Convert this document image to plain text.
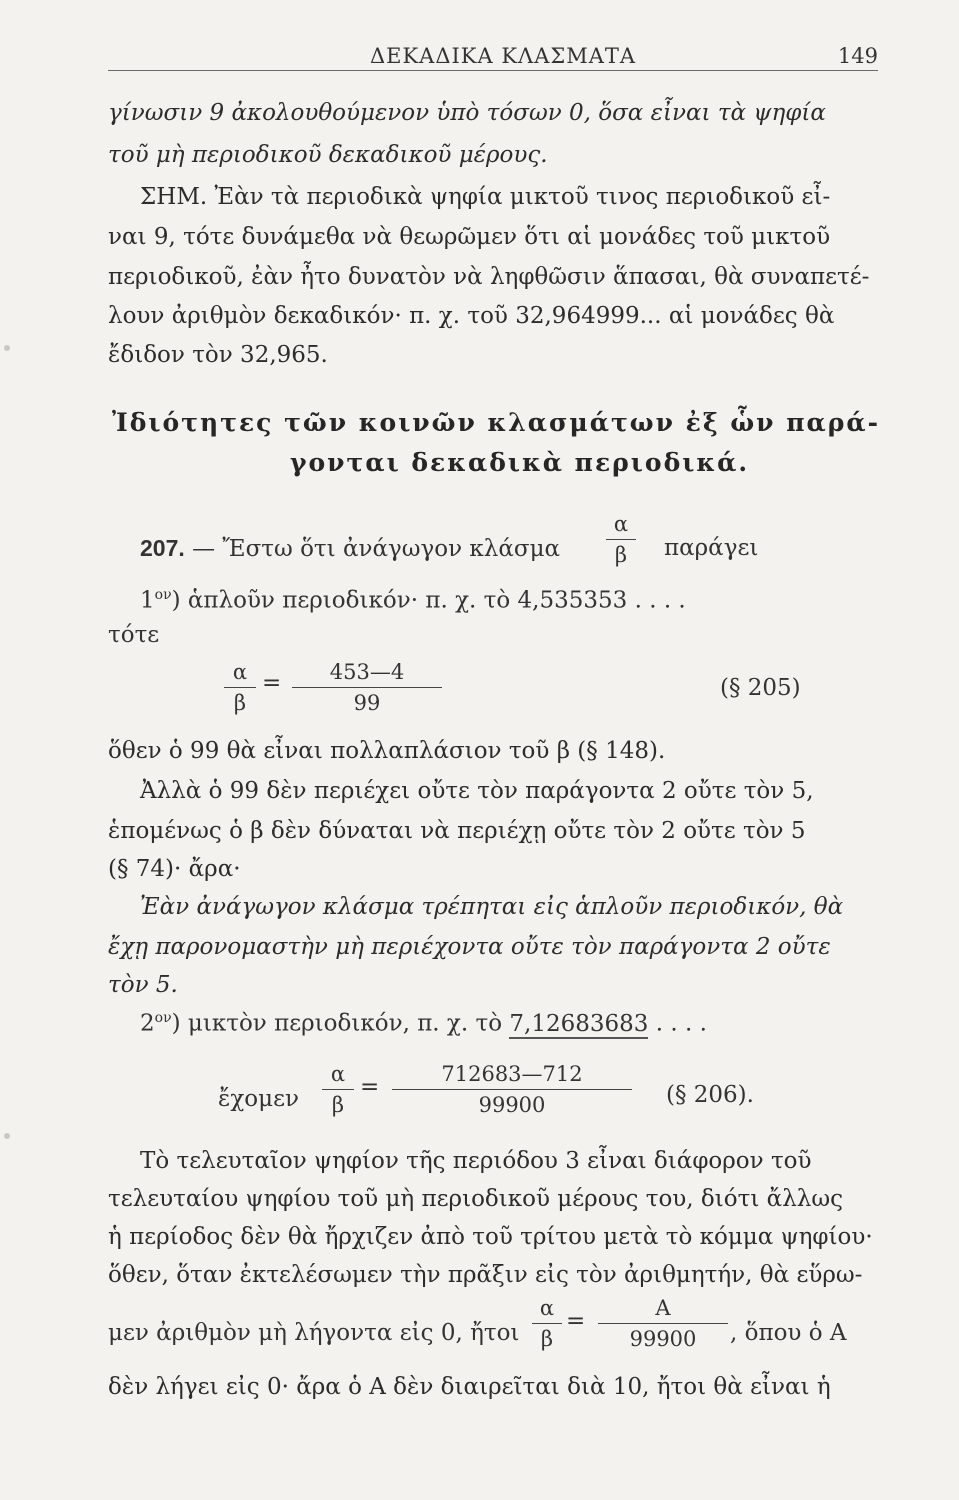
ΔΕΚΑΔΙΚΑ ΚΛΑΣΜΑΤΑ	149
γίνωσιν 9 ἀκολουθούμενον ὑπὸ τόσων 0, ὅσα εἶναι τὰ ψηφία
τοῦ μὴ περιοδικοῦ δεκαδικοῦ μέρους.
ΣΗΜ. Ἐὰν τὰ περιοδικὰ ψηφία μικτοῦ τινος περιοδικοῦ εἶ-
ναι 9, τότε δυνάμεθα νὰ θεωρῶμεν ὅτι αἱ μονάδες τοῦ μικτοῦ
περιοδικοῦ, ἐὰν ἦτο δυνατὸν νὰ ληφθῶσιν ἅπασαι, θὰ συναπετέ-
λουν ἀριθμὸν δεκαδικόν· π. χ. τοῦ 32,964999... αἱ μονάδες θὰ
ἔδιδον τὸν 32,965.
Ἰδιότητες τῶν κοινῶν κλασμάτων ἐξ ὧν παρά-
γονται δεκαδικὰ περιοδικά.
207. — Ἔστω ὅτι ἀνάγωγον κλάσμα
α
β	παράγει
$1^{o\nu}$) ἁπλοῦν περιοδικόν· π. χ. τὸ 4,535353 . . . .
τότε
α
β
=	453—4
99
(§ 205)
ὅθεν ὁ 99 θὰ εἶναι πολλαπλάσιον τοῦ β (§ 148).
Ἀλλὰ ὁ 99 δὲν περιέχει οὔτε τὸν παράγοντα 2 οὔτε τὸν 5,
ἑπομένως ὁ β δὲν δύναται νὰ περιέχῃ οὔτε τὸν 2 οὔτε τὸν 5
(§ 74)· ἄρα·
Ἐὰν ἀνάγωγον κλάσμα τρέπηται εἰς ἁπλοῦν περιοδικόν, θὰ
ἔχῃ παρονομαστὴν μὴ περιέχοντα οὔτε τὸν παράγοντα 2 οὔτε
τὸν 5.
$2^{o\nu}$) μικτὸν περιοδικόν, π. χ. τὸ 7,12683683 . . . .
ἔχομεν
α
β
=	712683—712
99900	(§ 206).
Τὸ τελευταῖον ψηφίον τῆς περιόδου 3 εἶναι διάφορον τοῦ
τελευταίου ψηφίου τοῦ μὴ περιοδικοῦ μέρους του, διότι ἄλλως
ἡ περίοδος δὲν θὰ ἤρχιζεν ἀπὸ τοῦ τρίτου μετὰ τὸ κόμμα ψηφίου·
ὅθεν, ὅταν ἐκτελέσωμεν τὴν πρᾶξιν εἰς τὸν ἀριθμητήν, θὰ εὕρω-
μεν ἀριθμὸν μὴ λήγοντα εἰς 0, ἤτοι
α
β
=	A
99900	, ὅπου ὁ A
δὲν λήγει εἰς 0· ἄρα ὁ A δὲν διαιρεῖται διὰ 10, ἤτοι θὰ εἶναι ἡ
